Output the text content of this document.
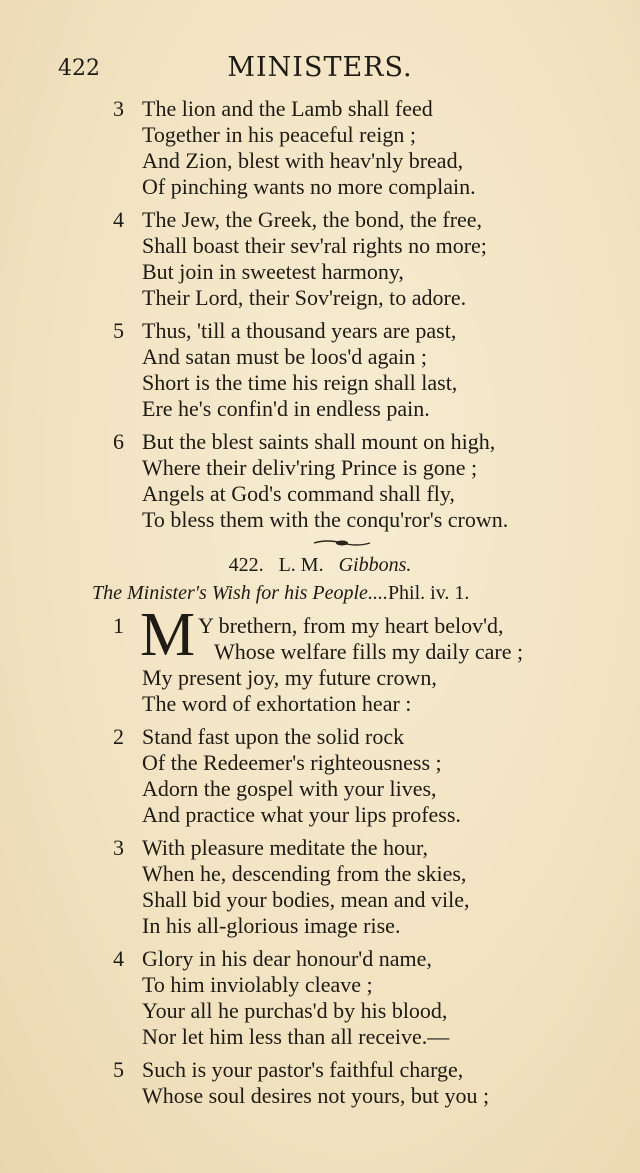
422	MINISTERS.
3 The lion and the Lamb shall feed
Together in his peaceful reign ;
And Zion, blest with heav'nly bread,
Of pinching wants no more complain.
4 The Jew, the Greek, the bond, the free,
Shall boast their sev'ral rights no more;
But join in sweetest harmony,
Their Lord, their Sov'reign, to adore.
5 Thus, 'till a thousand years are past,
And satan must be loos'd again ;
Short is the time his reign shall last,
Ere he's confin'd in endless pain.
6 But the blest saints shall mount on high,
Where their deliv'ring Prince is gone ;
Angels at God's command shall fly,
To bless them with the conqu'ror's crown.
422. L. M. Gibbons.
The Minister's Wish for his People....Phil. iv. 1.
1 M Y brethern, from my heart belov'd,
Whose welfare fills my daily care ;
My present joy, my future crown,
The word of exhortation hear :
2 Stand fast upon the solid rock
Of the Redeemer's righteousness ;
Adorn the gospel with your lives,
And practice what your lips profess.
3 With pleasure meditate the hour,
When he, descending from the skies,
Shall bid your bodies, mean and vile,
In his all-glorious image rise.
4 Glory in his dear honour'd name,
To him inviolably cleave ;
Your all he purchas'd by his blood,
Nor let him less than all receive.—
5 Such is your pastor's faithful charge,
Whose soul desires not yours, but you ;
